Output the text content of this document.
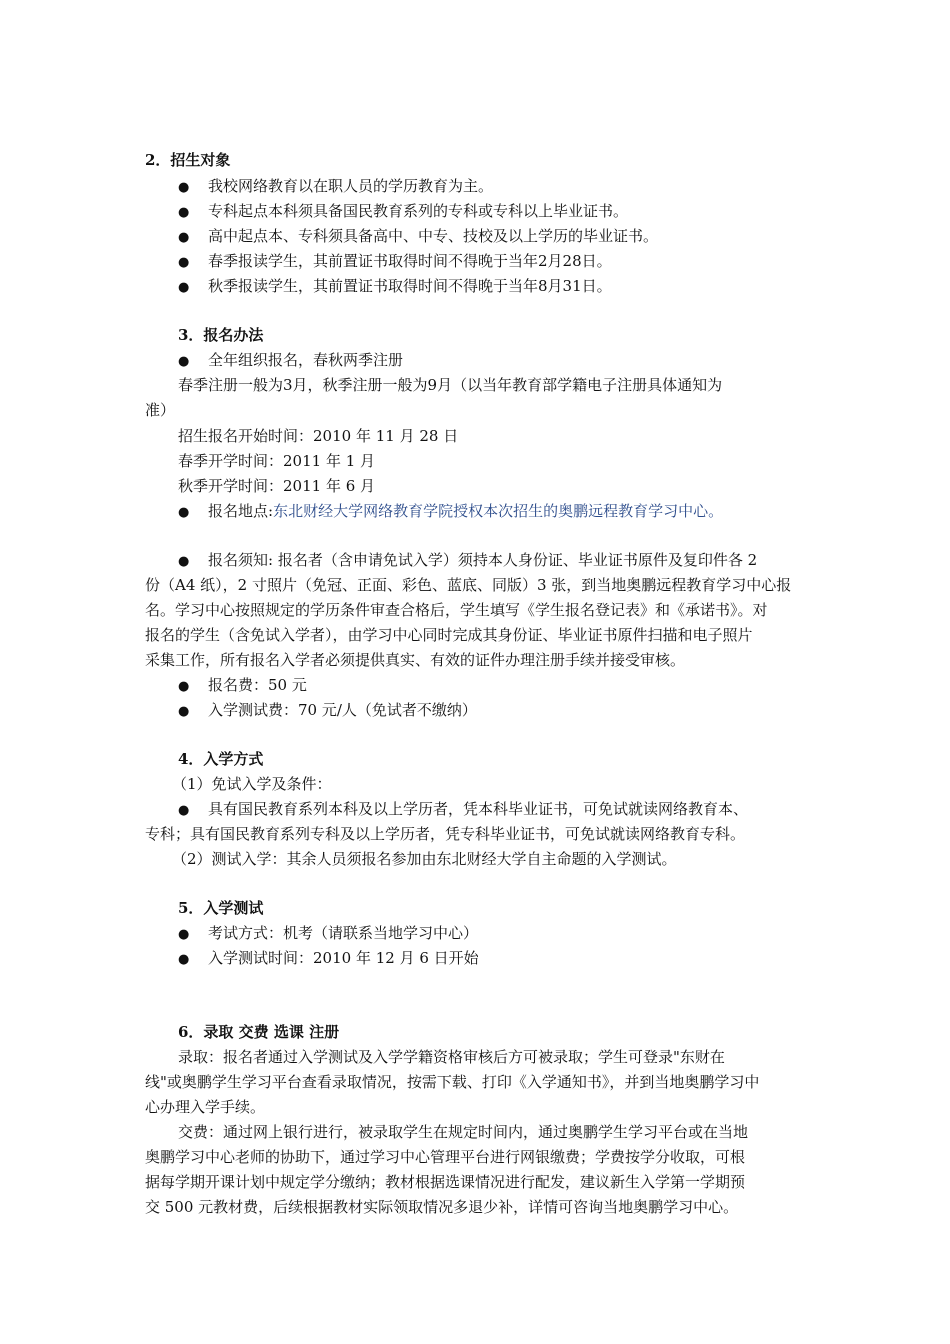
2．招生对象
● 我校网络教育以在职人员的学历教育为主。
● 专科起点本科须具备国民教育系列的专科或专科以上毕业证书。
● 高中起点本、专科须具备高中、中专、技校及以上学历的毕业证书。
● 春季报读学生，其前置证书取得时间不得晚于当年2月28日。
● 秋季报读学生，其前置证书取得时间不得晚于当年8月31日。
3．报名办法
● 全年组织报名，春秋两季注册
春季注册一般为3月，秋季注册一般为9月（以当年教育部学籍电子注册具体通知为
准）
招生报名开始时间：2010 年 11 月 28 日
春季开学时间：2011 年 1 月
秋季开学时间：2011 年 6 月
● 报名地点:东北财经大学网络教育学院授权本次招生的奥鹏远程教育学习中心。
● 报名须知: 报名者（含申请免试入学）须持本人身份证、毕业证书原件及复印件各 2
份（A4 纸），2 寸照片（免冠、正面、彩色、蓝底、同版）3 张，到当地奥鹏远程教育学习中心报
名。学习中心按照规定的学历条件审查合格后，学生填写《学生报名登记表》和《承诺书》。对
报名的学生（含免试入学者），由学习中心同时完成其身份证、毕业证书原件扫描和电子照片
采集工作，所有报名入学者必须提供真实、有效的证件办理注册手续并接受审核。
● 报名费：50 元
● 入学测试费：70 元/人（免试者不缴纳）
4．入学方式
（1）免试入学及条件：
● 具有国民教育系列本科及以上学历者，凭本科毕业证书，可免试就读网络教育本、
专科；具有国民教育系列专科及以上学历者，凭专科毕业证书，可免试就读网络教育专科。
（2）测试入学：其余人员须报名参加由东北财经大学自主命题的入学测试。
5．入学测试
● 考试方式：机考（请联系当地学习中心）
● 入学测试时间：2010 年 12 月 6 日开始
6．录取 交费 选课 注册
录取：报名者通过入学测试及入学学籍资格审核后方可被录取；学生可登录"东财在
线"或奥鹏学生学习平台查看录取情况，按需下载、打印《入学通知书》，并到当地奥鹏学习中
心办理入学手续。
交费：通过网上银行进行，被录取学生在规定时间内，通过奥鹏学生学习平台或在当地
奥鹏学习中心老师的协助下，通过学习中心管理平台进行网银缴费；学费按学分收取，可根
据每学期开课计划中规定学分缴纳；教材根据选课情况进行配发，建议新生入学第一学期预
交 500 元教材费，后续根据教材实际领取情况多退少补，详情可咨询当地奥鹏学习中心。
